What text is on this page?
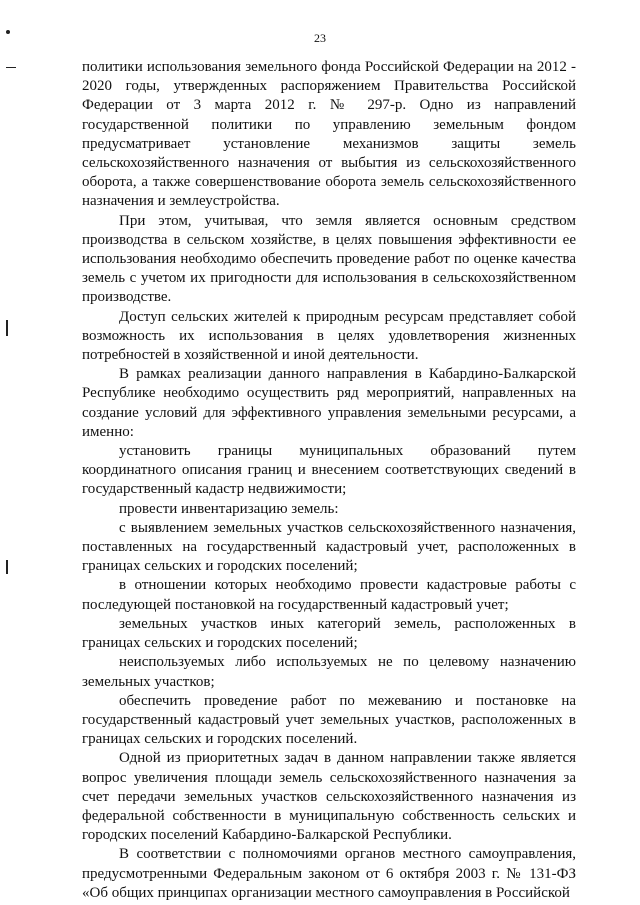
23

политики использования земельного фонда Российской Федерации на 2012 - 2020 годы, утвержденных распоряжением Правительства Российской Федерации от 3 марта 2012 г. № 297-р. Одно из направлений государственной политики по управлению земельным фондом предусматривает установление механизмов защиты земель сельскохозяйственного назначения от выбытия из сельскохозяйственного оборота, а также совершенствование оборота земель сельскохозяйственного назначения и землеустройства.

При этом, учитывая, что земля является основным средством производства в сельском хозяйстве, в целях повышения эффективности ее использования необходимо обеспечить проведение работ по оценке качества земель с учетом их пригодности для использования в сельскохозяйственном производстве.

Доступ сельских жителей к природным ресурсам представляет собой возможность их использования в целях удовлетворения жизненных потребностей в хозяйственной и иной деятельности.

В рамках реализации данного направления в Кабардино-Балкарской Республике необходимо осуществить ряд мероприятий, направленных на создание условий для эффективного управления земельными ресурсами, а именно:

установить границы муниципальных образований путем координатного описания границ и внесением соответствующих сведений в государственный кадастр недвижимости;

провести инвентаризацию земель:

с выявлением земельных участков сельскохозяйственного назначения, поставленных на государственный кадастровый учет, расположенных в границах сельских и городских поселений;

в отношении которых необходимо провести кадастровые работы с последующей постановкой на государственный кадастровый учет;

земельных участков иных категорий земель, расположенных в границах сельских и городских поселений;

неиспользуемых либо используемых не по целевому назначению земельных участков;

обеспечить проведение работ по межеванию и постановке на государственный кадастровый учет земельных участков, расположенных в границах сельских и городских поселений.

Одной из приоритетных задач в данном направлении также является вопрос увеличения площади земель сельскохозяйственного назначения за счет передачи земельных участков сельскохозяйственного назначения из федеральной собственности в муниципальную собственность сельских и городских поселений Кабардино-Балкарской Республики.

В соответствии с полномочиями органов местного самоуправления, предусмотренными Федеральным законом от 6 октября 2003 г. № 131-ФЗ «Об общих принципах организации местного самоуправления в Российской
